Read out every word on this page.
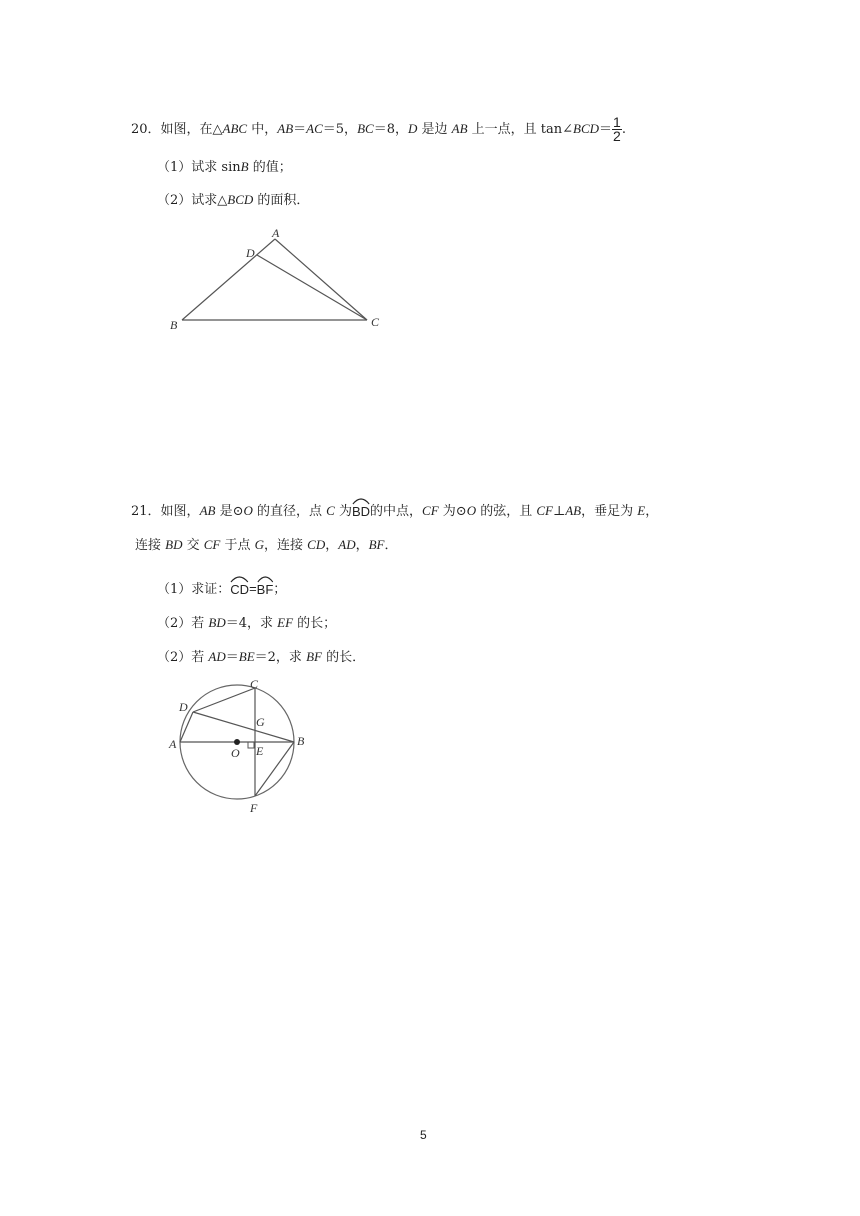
20．如图，在△ABC 中，AB＝AC＝5，BC＝8，D 是边 AB 上一点，且 tan∠BCD＝ $\frac{1}{2}$ .
（1）试求 sinB 的值；
（2）试求△BCD 的面积．
A
D
B	C
21．如图，AB 是⊙O 的直径，点 C 为
BD的中点，CF 为⊙O 的弦，且 CF⊥AB，垂足为 E，
连接 BD 交 CF 于点 G，连接 CD，AD，BF．
（1）求证：
CD=
BF；
（2）若 BD＝4，求 EF 的长；
（2）若 AD＝BE＝2，求 BF 的长．
C
D
G
A	B
O E
F
5
